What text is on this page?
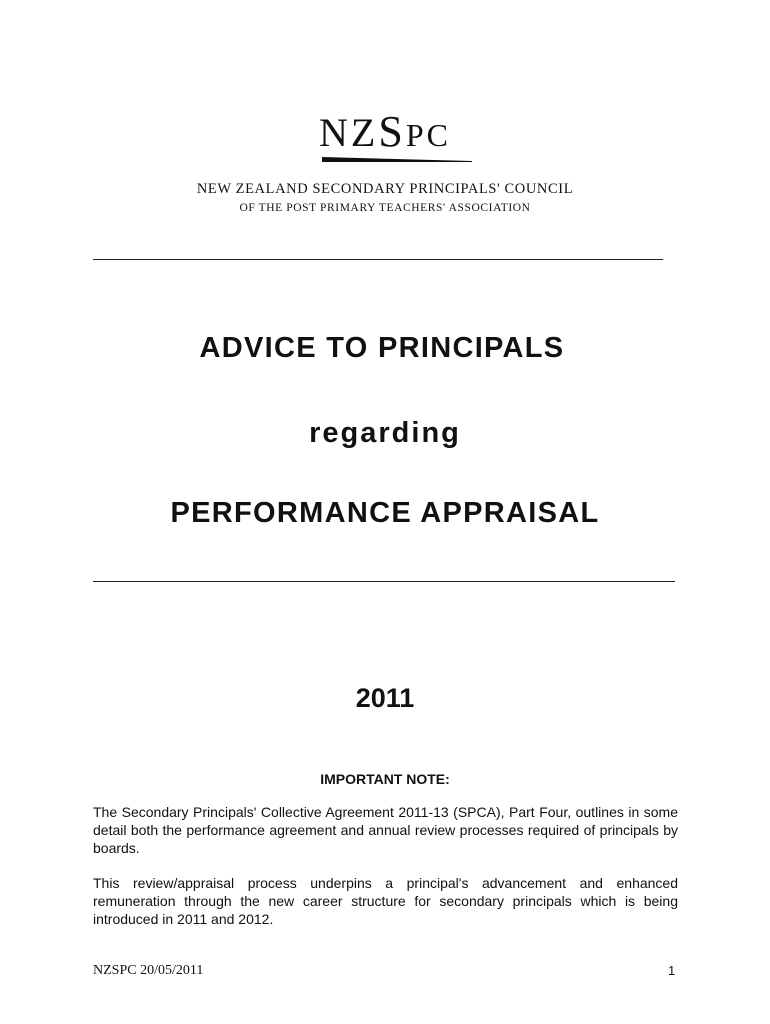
NZSPC
NEW ZEALAND SECONDARY PRINCIPALS' COUNCIL
OF THE POST PRIMARY TEACHERS' ASSOCIATION
ADVICE TO PRINCIPALS
regarding
PERFORMANCE APPRAISAL
2011
IMPORTANT NOTE:
The Secondary Principals' Collective Agreement 2011-13 (SPCA), Part Four, outlines in some detail both the performance agreement and annual review processes required of principals by boards.
This review/appraisal process underpins a principal's advancement and enhanced remuneration through the new career structure for secondary principals which is being introduced in 2011 and 2012.
NZSPC 20/05/2011	1
